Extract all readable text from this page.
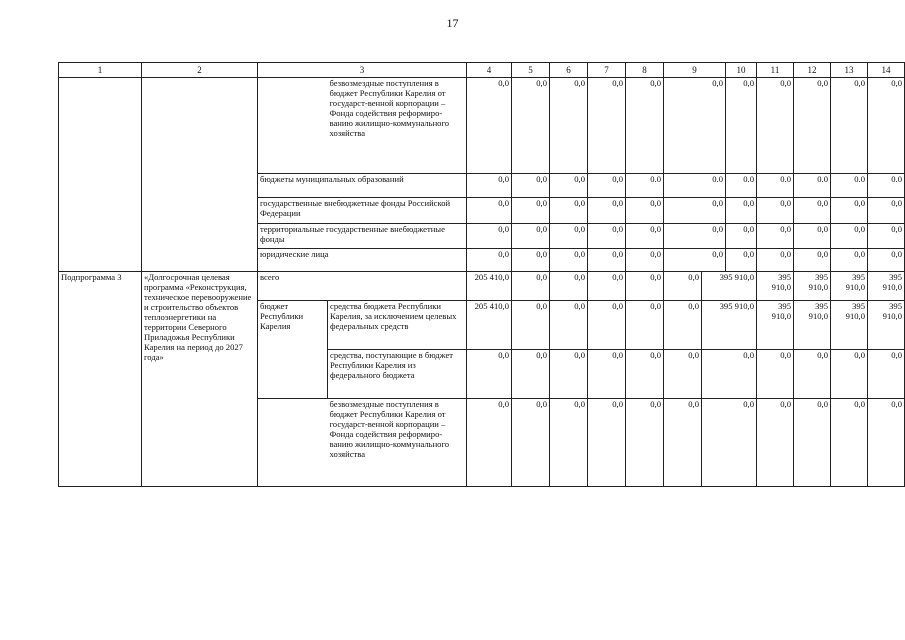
17
1	2	3		4	5	6	7	8	9		10	11	12	13	14
			безвозмездные поступления в бюджет Республики Карелия от государст-венной корпорации – Фонда содействия реформиро-ванию жилищно-коммунального хозяйства	0,0	0,0	0,0	0,0	0,0	0,0		0,0	0,0	0,0	0,0	0,0
		бюджеты муниципальных образований		0,0	0,0	0,0	0,0	0.0	0.0		0.0	0.0	0.0	0.0	0.0
		государственные внебюджетные фонды Российской Федерации		0,0	0,0	0,0	0,0	0,0	0,0		0,0	0,0	0,0	0,0	0,0
		территориальные государственные внебюджетные фонды		0,0	0,0	0,0	0,0	0,0	0,0		0,0	0,0	0,0	0,0	0,0
		юридические лица		0,0	0,0	0,0	0,0	0,0	0,0		0,0	0,0	0,0	0,0	0,0
Подпрограмма 3	«Долгосрочная целевая программа «Реконструкция, техническое перевооружение и строительство объектов теплоэнергетики на территории Северного Приладожья Республики Карелия на период до 2027 года»	всего		205 410,0	0,0	0,0	0,0	0,0	0,0	395 910,0		395 910,0	395 910,0	395 910,0	395 910,0
		бюджет Республики Карелия	средства бюджета Республики Карелия, за исключением целевых федеральных средств	205 410,0	0,0	0,0	0,0	0,0	0,0	395 910,0		395 910,0	395 910,0	395 910,0	395 910,0
			средства, поступающие в бюджет Республики Карелия из федерального бюджета	0,0	0,0	0,0	0,0	0,0	0,0	0,0		0,0	0,0	0,0	0,0
			безвозмездные поступления в бюджет Республики Карелия от государст-венной корпорации – Фонда содействия реформиро-ванию жилищно-коммунального хозяйства	0,0	0,0	0,0	0,0	0,0	0,0	0,0		0,0	0,0	0,0	0,0
